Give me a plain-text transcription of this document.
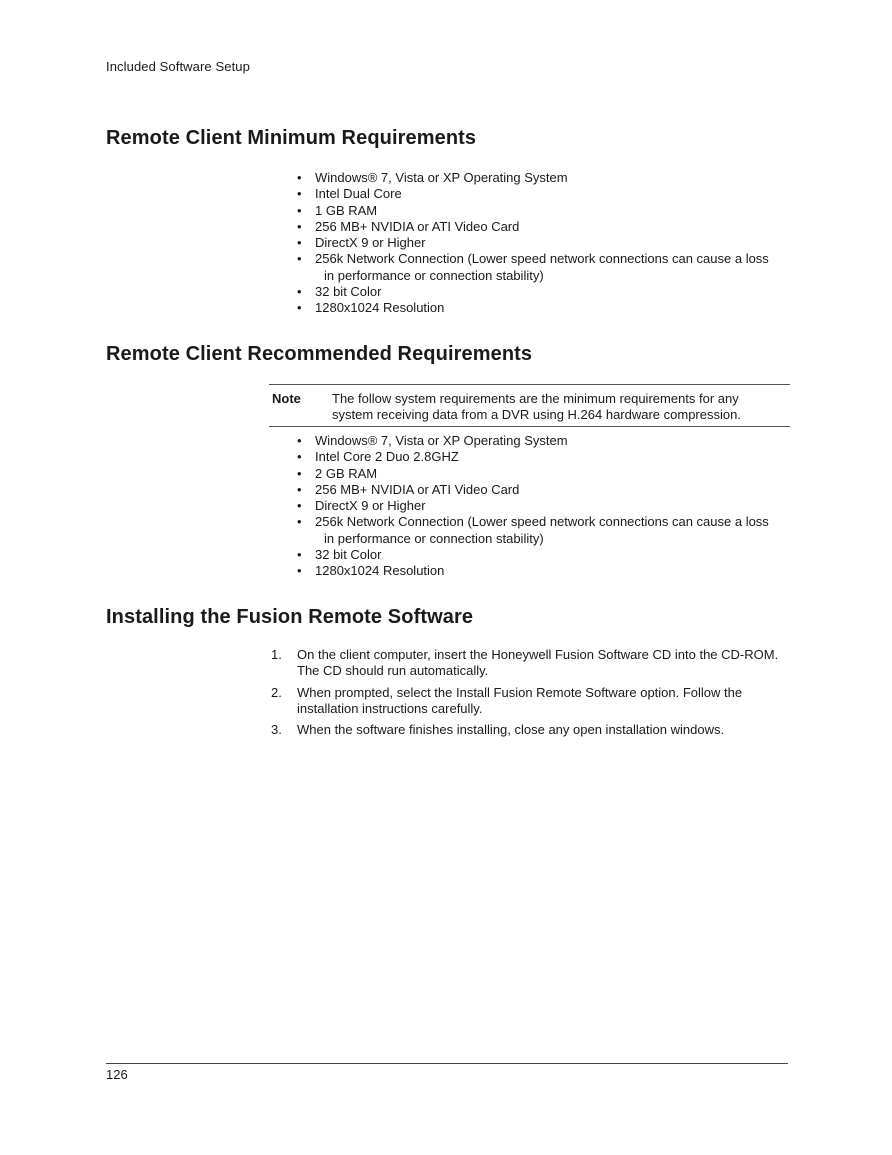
Included Software Setup
Remote Client Minimum Requirements
• Windows® 7, Vista or XP Operating System
• Intel Dual Core
• 1 GB RAM
• 256 MB+ NVIDIA or ATI Video Card
• DirectX 9 or Higher
• 256k Network Connection (Lower speed network connections can cause a loss
in performance or connection stability)
• 32 bit Color
• 1280x1024 Resolution
Remote Client Recommended Requirements
Note The follow system requirements are the minimum requirements for any system receiving data from a DVR using H.264 hardware compression.
• Windows® 7, Vista or XP Operating System
• Intel Core 2 Duo 2.8GHZ
• 2 GB RAM
• 256 MB+ NVIDIA or ATI Video Card
• DirectX 9 or Higher
• 256k Network Connection (Lower speed network connections can cause a loss
in performance or connection stability)
• 32 bit Color
• 1280x1024 Resolution
Installing the Fusion Remote Software
1. On the client computer, insert the Honeywell Fusion Software CD into the CD-ROM. The CD should run automatically.
2. When prompted, select the Install Fusion Remote Software option. Follow the installation instructions carefully.
3. When the software finishes installing, close any open installation windows.
126
